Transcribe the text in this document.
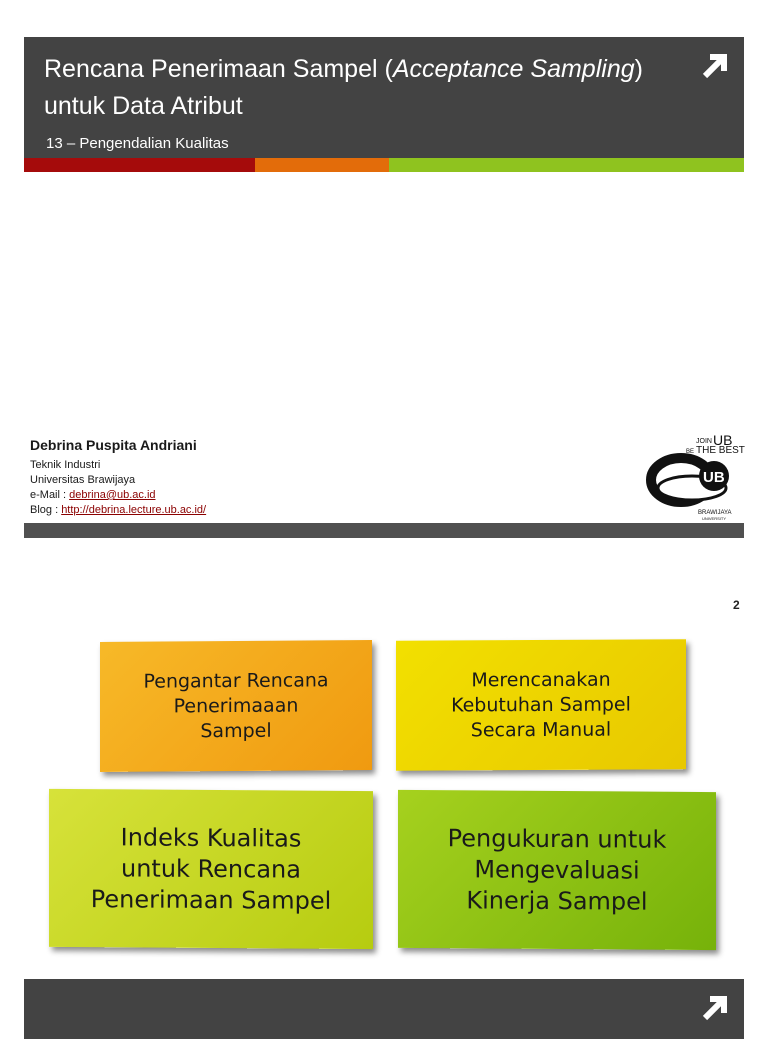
Rencana Penerimaan Sampel (Acceptance Sampling)
untuk Data Atribut
13 – Pengendalian Kualitas
Debrina Puspita Andriani
Teknik Industri
Universitas Brawijaya
e-Mail : debrina@ub.ac.id
Blog : http://debrina.lecture.ub.ac.id/
JOIN UB
BE THE BEST
UB
BRAWIJAYA
UNIVERSITY
2
Pengantar Rencana
Penerimaaan
Sampel
Merencanakan
Kebutuhan Sampel
Secara Manual
Indeks Kualitas
untuk Rencana
Penerimaan Sampel
Pengukuran untuk
Mengevaluasi
Kinerja Sampel
